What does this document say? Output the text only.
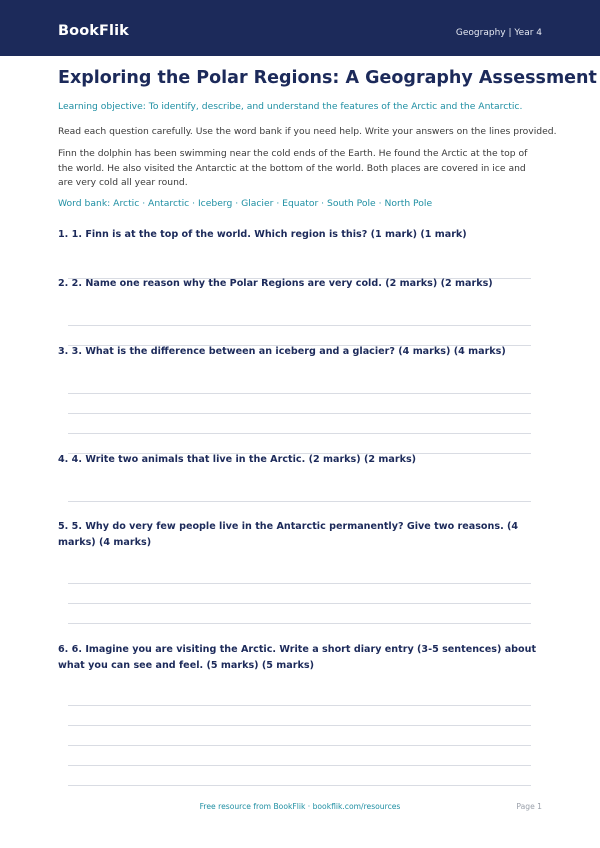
BookFlik	Geography | Year 4
Exploring the Polar Regions: A Geography Assessment
Learning objective: To identify, describe, and understand the features of the Arctic and the Antarctic.
Read each question carefully. Use the word bank if you need help. Write your answers on the lines provided.
Finn the dolphin has been swimming near the cold ends of the Earth. He found the Arctic at the top of the world. He also visited the Antarctic at the bottom of the world. Both places are covered in ice and are very cold all year round.
Word bank: Arctic · Antarctic · Iceberg · Glacier · Equator · South Pole · North Pole
1. 1. Finn is at the top of the world. Which region is this? (1 mark) (1 mark)
2. 2. Name one reason why the Polar Regions are very cold. (2 marks) (2 marks)
3. 3. What is the difference between an iceberg and a glacier? (4 marks) (4 marks)
4. 4. Write two animals that live in the Arctic. (2 marks) (2 marks)
5. 5. Why do very few people live in the Antarctic permanently? Give two reasons. (4 marks) (4 marks)
6. 6. Imagine you are visiting the Arctic. Write a short diary entry (3-5 sentences) about what you can see and feel. (5 marks) (5 marks)
Free resource from BookFlik · bookflik.com/resources	Page 1
